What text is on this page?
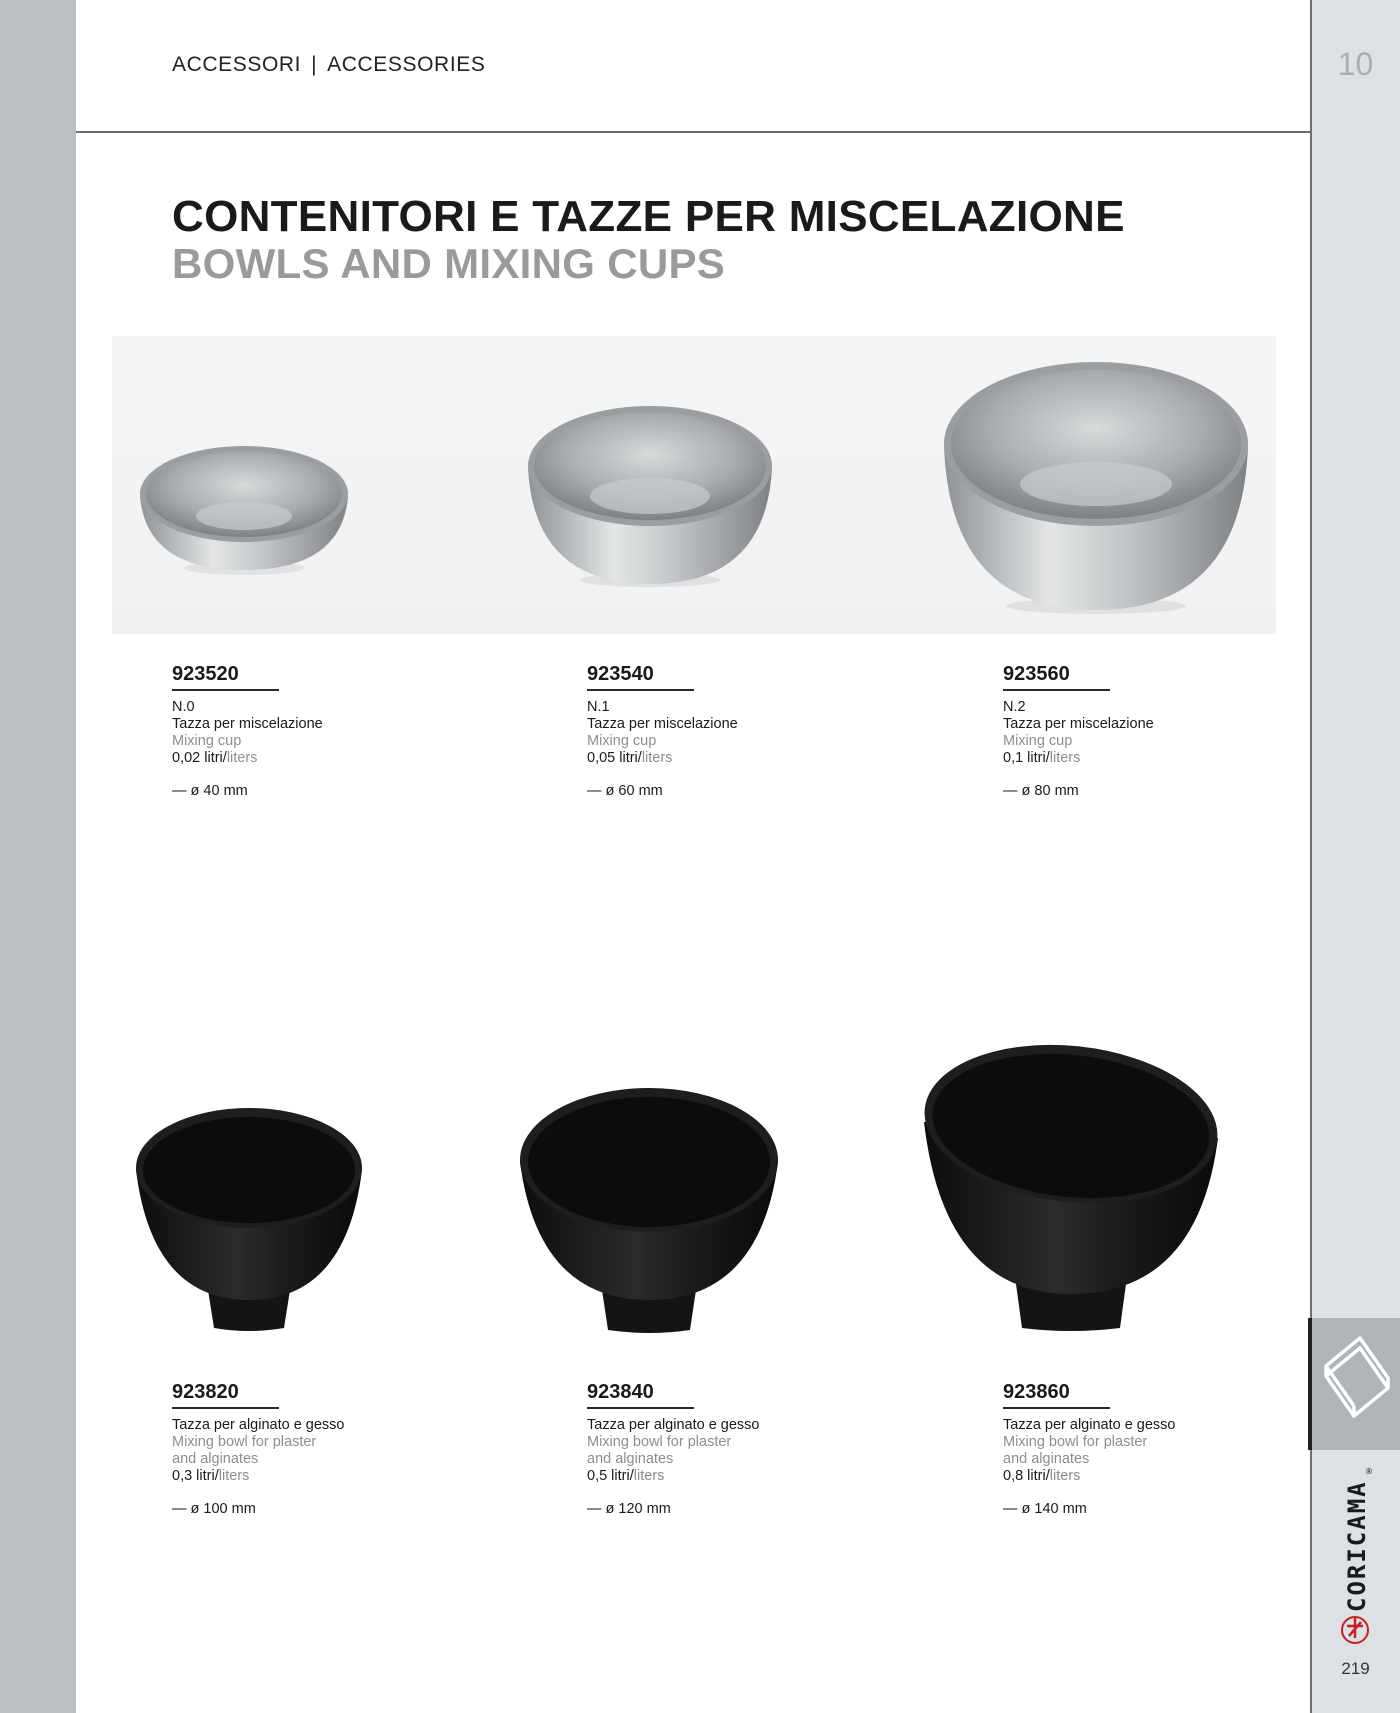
ACCESSORI | ACCESSORIES	10
CONTENITORI E TAZZE PER MISCELAZIONE
BOWLS AND MIXING CUPS
923520
N.0
Tazza per miscelazione
Mixing cup
0,02 litri/liters
— ø 40 mm
923540
N.1
Tazza per miscelazione
Mixing cup
0,05 litri/liters
— ø 60 mm
923560
N.2
Tazza per miscelazione
Mixing cup
0,1 litri/liters
— ø 80 mm
923820
Tazza per alginato e gesso
Mixing bowl for plaster
and alginates
0,3 litri/liters
— ø 100 mm
923840
Tazza per alginato e gesso
Mixing bowl for plaster
and alginates
0,5 litri/liters
— ø 120 mm
923860
Tazza per alginato e gesso
Mixing bowl for plaster
and alginates
0,8 litri/liters
— ø 140 mm	CORICAMA
®
219
